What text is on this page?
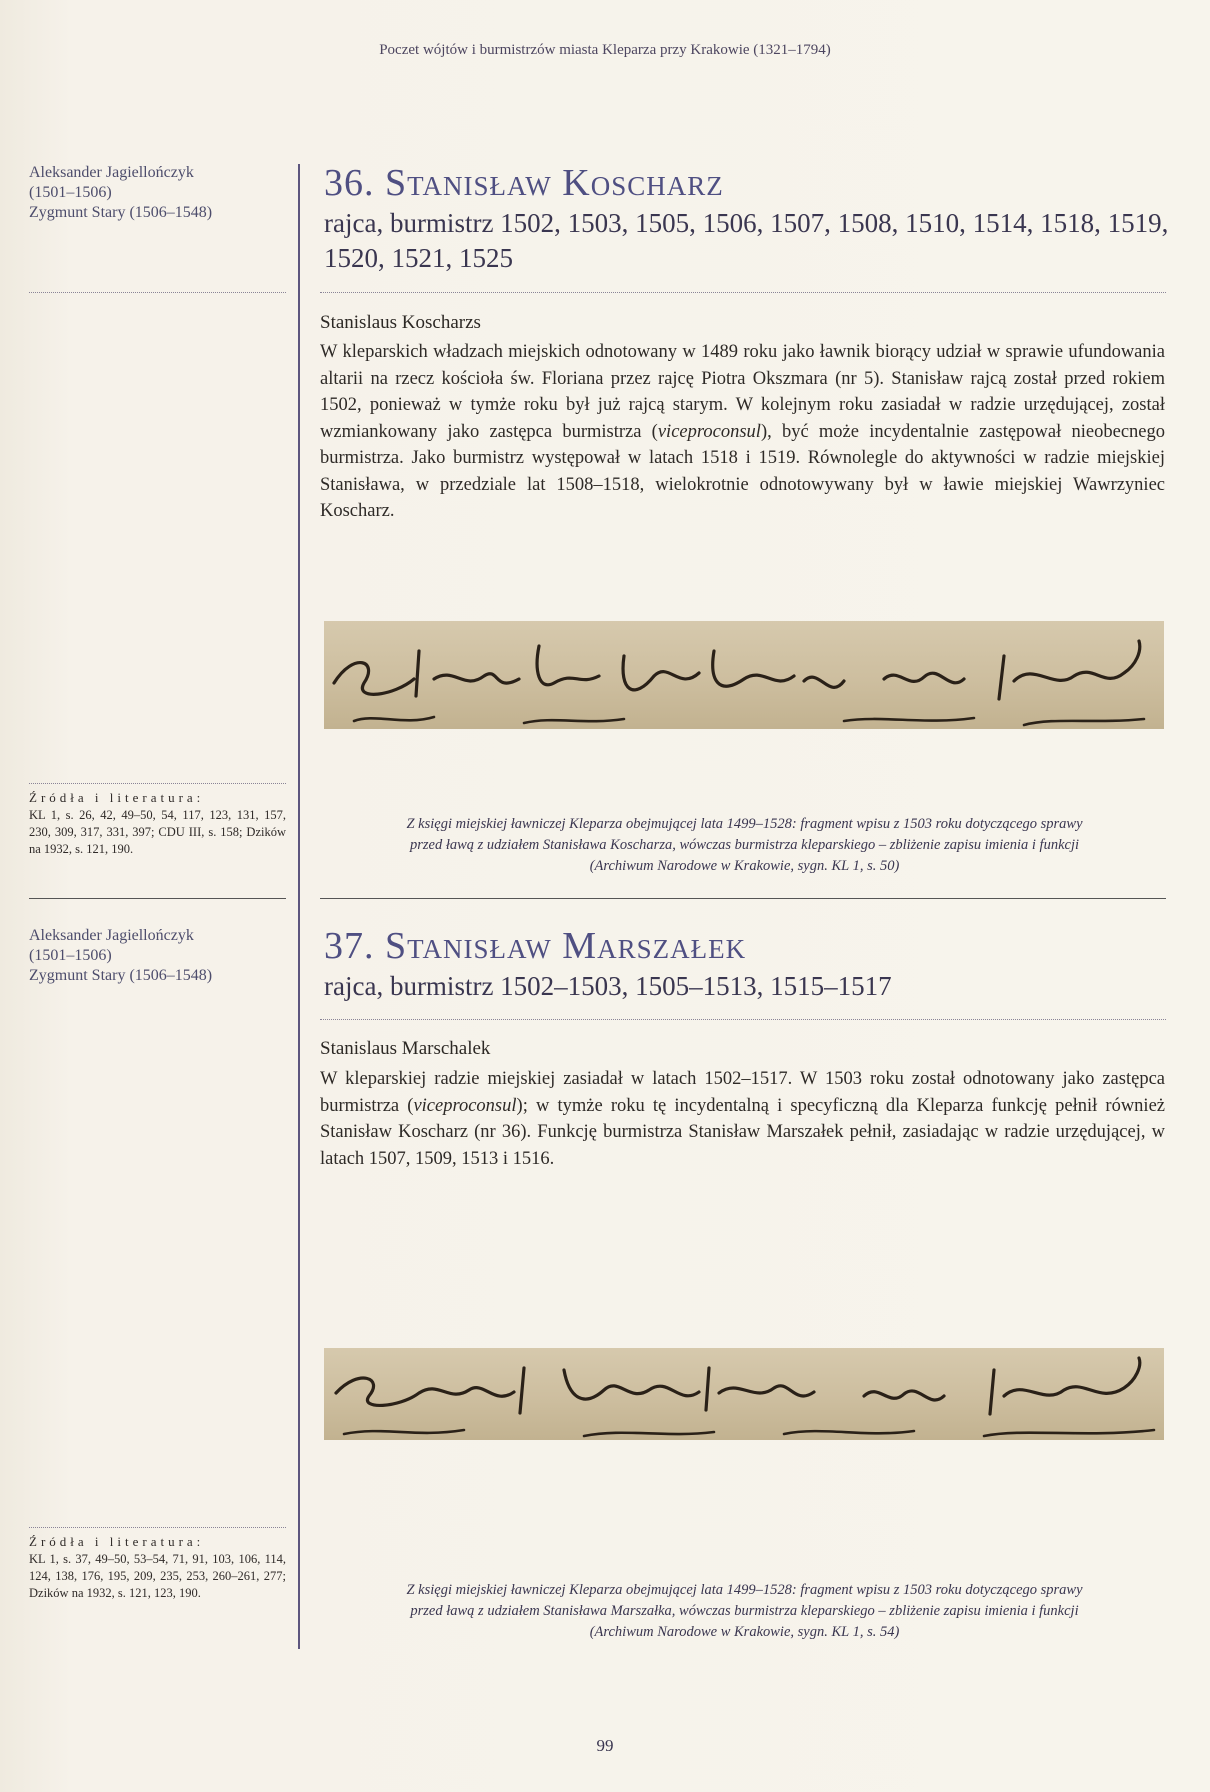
Poczet wójtów i burmistrzów miasta Kleparza przy Krakowie (1321–1794)
Aleksander Jagiellończyk
(1501–1506)
Zygmunt Stary (1506–1548)
Źródła i literatura:
KL 1, s. 26, 42, 49–50, 54, 117, 123, 131, 157, 230, 309, 317, 331, 397; CDU III, s. 158; Dzików na 1932, s. 121, 190.
Aleksander Jagiellończyk
(1501–1506)
Zygmunt Stary (1506–1548)
Źródła i literatura:
KL 1, s. 37, 49–50, 53–54, 71, 91, 103, 106, 114, 124, 138, 176, 195, 209, 235, 253, 260–261, 277; Dzików na 1932, s. 121, 123, 190.
36. Stanisław Koscharz
rajca, burmistrz 1502, 1503, 1505, 1506, 1507, 1508, 1510, 1514, 1518, 1519, 1520, 1521, 1525
Stanislaus Koscharzs

W kleparskich władzach miejskich odnotowany w 1489 roku jako ławnik biorący udział w sprawie ufundowania altarii na rzecz kościoła św. Floriana przez rajcę Piotra Okszmara (nr 5). Stanisław rajcą został przed rokiem 1502, ponieważ w tymże roku był już rajcą starym. W kolejnym roku zasiadał w radzie urzędującej, został wzmiankowany jako zastępca burmistrza (viceproconsul), być może incydentalnie zastępował nieobecnego burmistrza. Jako burmistrz występował w latach 1518 i 1519. Równolegle do aktywności w radzie miejskiej Stanisława, w przedziale lat 1508–1518, wielokrotnie odnotowywany był w ławie miejskiej Wawrzyniec Koscharz.

Z księgi miejskiej ławniczej Kleparza obejmującej lata 1499–1528: fragment wpisu z 1503 roku dotyczącego sprawy
przed ławą z udziałem Stanisława Koscharza, wówczas burmistrza kleparskiego – zbliżenie zapisu imienia i funkcji
(Archiwum Narodowe w Krakowie, sygn. KL 1, s. 50)

37. Stanisław Marszałek
rajca, burmistrz 1502–1503, 1505–1513, 1515–1517
Stanislaus Marschalek

W kleparskiej radzie miejskiej zasiadał w latach 1502–1517. W 1503 roku został odnotowany jako zastępca burmistrza (viceproconsul); w tymże roku tę incydentalną i specyficzną dla Kleparza funkcję pełnił również Stanisław Koscharz (nr 36). Funkcję burmistrza Stanisław Marszałek pełnił, zasiadając w radzie urzędującej, w latach 1507, 1509, 1513 i 1516.

Z księgi miejskiej ławniczej Kleparza obejmującej lata 1499–1528: fragment wpisu z 1503 roku dotyczącego sprawy
przed ławą z udziałem Stanisława Marszałka, wówczas burmistrza kleparskiego – zbliżenie zapisu imienia i funkcji
(Archiwum Narodowe w Krakowie, sygn. KL 1, s. 54)

99
